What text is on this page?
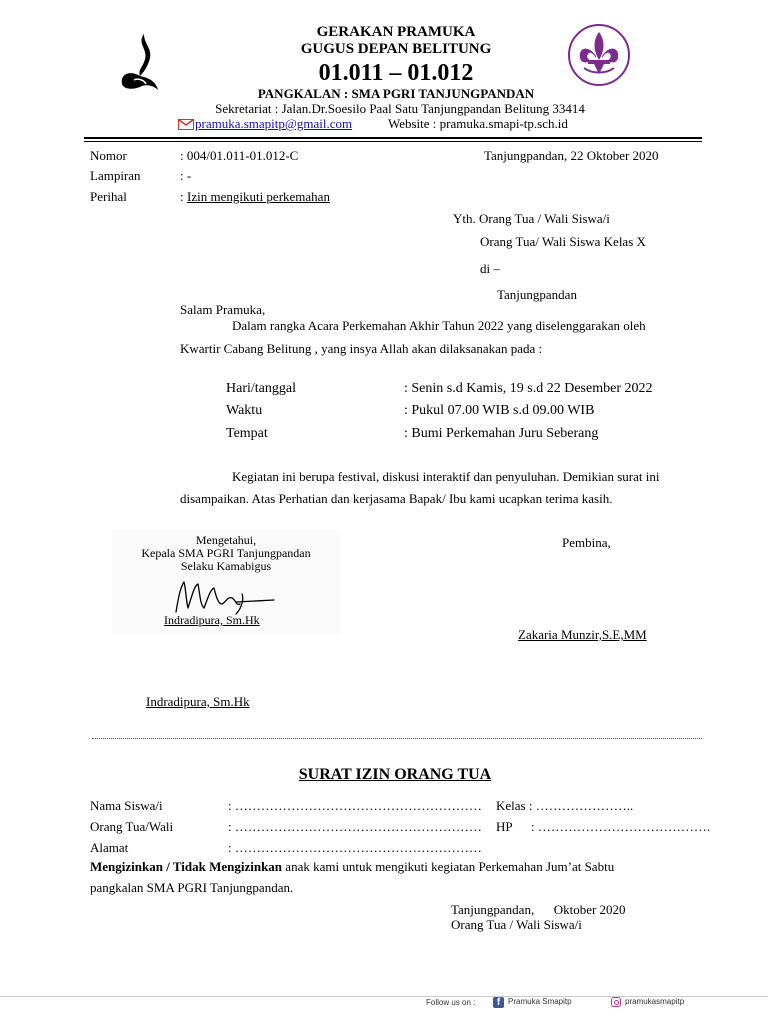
GERAKAN PRAMUKA
GUGUS DEPAN BELITUNG
01.011 – 01.012
PANGKALAN : SMA PGRI TANJUNGPANDAN
Sekretariat : Jalan.Dr.Soesilo Paal Satu Tanjungpandan Belitung 33414
pramuka.smapitp@gmail.com	Website : pramuka.smapi-tp.sch.id
Nomor	: 004/01.011-01.012-C	Tanjungpandan, 22 Oktober 2020
Lampiran	: -
Perihal	: Izin mengikuti perkemahan
Yth. Orang Tua / Wali Siswa/i
Orang Tua/ Wali Siswa Kelas X
di –
Tanjungpandan
Salam Pramuka,
Dalam rangka Acara Perkemahan Akhir Tahun 2022 yang diselenggarakan oleh
Kwartir Cabang Belitung , yang insya Allah akan dilaksanakan pada :
Hari/tanggal	: Senin s.d Kamis, 19 s.d 22 Desember 2022
Waktu	: Pukul 07.00 WIB s.d 09.00 WIB
Tempat	: Bumi Perkemahan Juru Seberang
Kegiatan ini berupa festival, diskusi interaktif dan penyuluhan. Demikian surat ini
disampaikan. Atas Perhatian dan kerjasama Bapak/ Ibu kami ucapkan terima kasih.
Mengetahui,
Kepala SMA PGRI Tanjungpandan
Selaku Kamabigus
Indradipura, Sm.Hk
Pembina,
Zakaria Munzir,S.E,MM
Indradipura, Sm.Hk
SURAT IZIN ORANG TUA
Nama Siswa/i	: ………………………………………………… Kelas : …………………..
Orang Tua/Wali	: ………………………………………………… HP : ………………………………….
Alamat	: …………………………………………………
Mengizinkan / Tidak Mengizinkan anak kami untuk mengikuti kegiatan Perkemahan Jum’at Sabtu
pangkalan SMA PGRI Tanjungpandan.
Tanjungpandan,      Oktober 2020
Orang Tua / Wali Siswa/i
Follow us on :	f Pramuka Smapitp	pramukasmapitp
